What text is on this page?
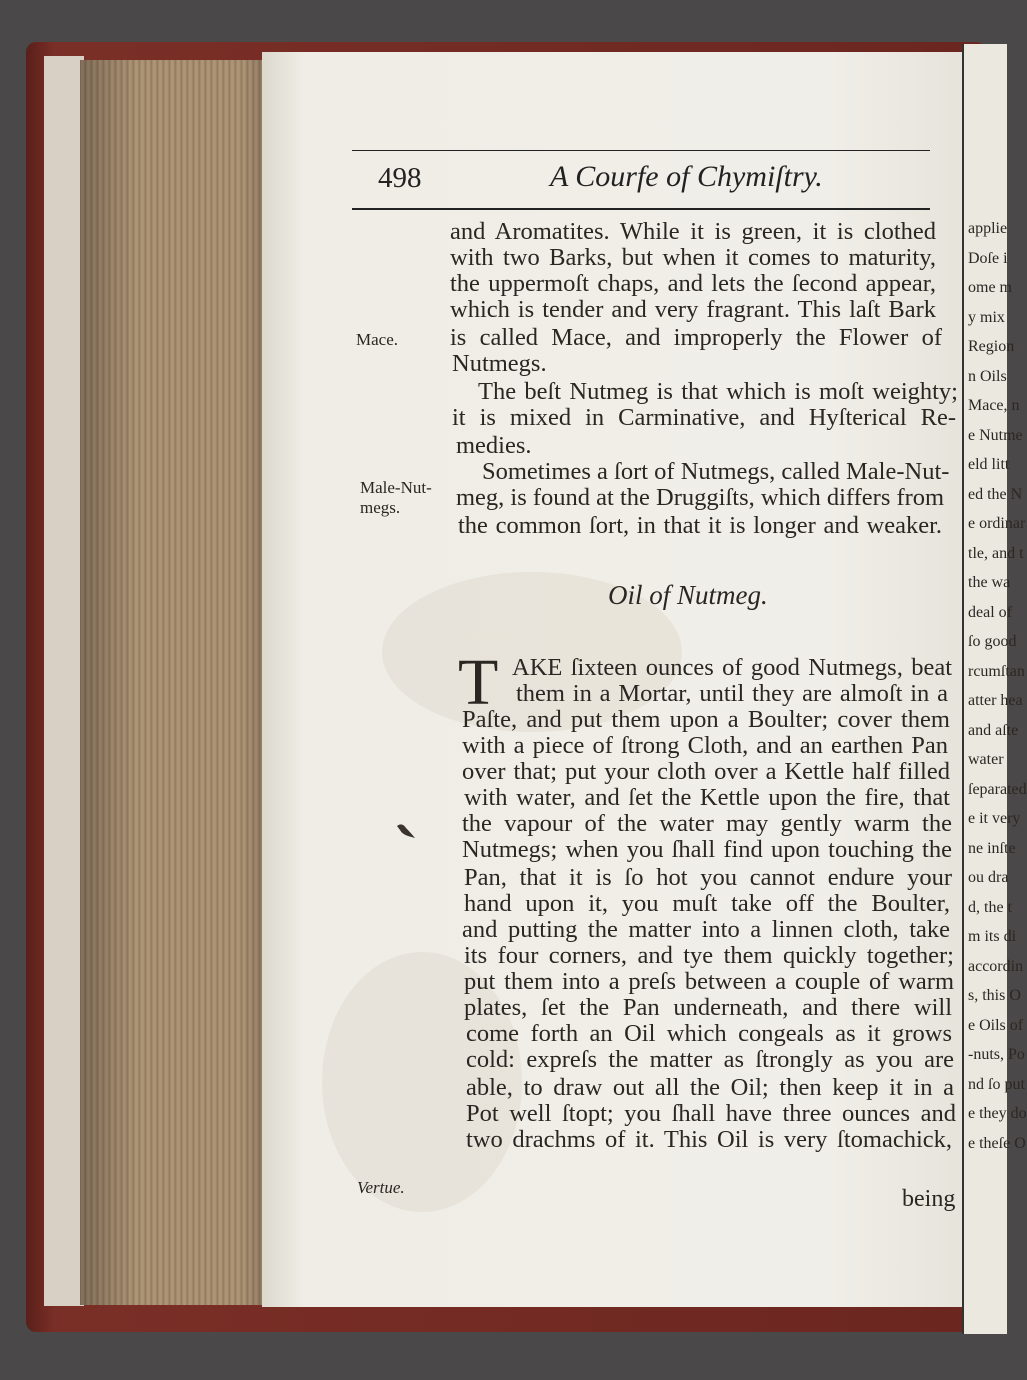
applie
Doſe i
ome m
y mix
Region
n Oils
Mace, n
e Nutme
eld litt
ed the N
e ordinar
tle, and t
the wa
deal of
ſo good
rcumſtan
atter hea
and aſte
water
ſeparated
e it very
ne inſte
ou dra
d, the t
m its di
accordin
s, this O
e Oils of
-nuts, Po
nd ſo put
e they do
e theſe O
498	A Courfe of Chymiſtry.
Mace.
Male-Nut-
megs.
Vertue.
and Aromatites. While it is green, it is clothed
with two Barks, but when it comes to maturity,
the uppermoſt chaps, and lets the ſecond appear,
which is tender and very fragrant. This laſt Bark
is called Mace, and improperly the Flower of
Nutmegs.
The beſt Nutmeg is that which is moſt weighty;
it is mixed in Carminative, and Hyſterical Re-
medies.
Sometimes a ſort of Nutmegs, called Male-Nut-
meg, is found at the Druggiſts, which differs from
the common ſort, in that it is longer and weaker.
Oil of Nutmeg.
T AKE ſixteen ounces of good Nutmegs, beat
them in a Mortar, until they are almoſt in a
Paſte, and put them upon a Boulter; cover them
with a piece of ſtrong Cloth, and an earthen Pan
over that; put your cloth over a Kettle half filled
with water, and ſet the Kettle upon the fire, that
the vapour of the water may gently warm the
Nutmegs; when you ſhall find upon touching the
Pan, that it is ſo hot you cannot endure your
hand upon it, you muſt take off the Boulter,
and putting the matter into a linnen cloth, take
its four corners, and tye them quickly together;
put them into a preſs between a couple of warm
plates, ſet the Pan underneath, and there will
come forth an Oil which congeals as it grows
cold: expreſs the matter as ſtrongly as you are
able, to draw out all the Oil; then keep it in a
Pot well ſtopt; you ſhall have three ounces and
two drachms of it. This Oil is very ſtomachick,
being
